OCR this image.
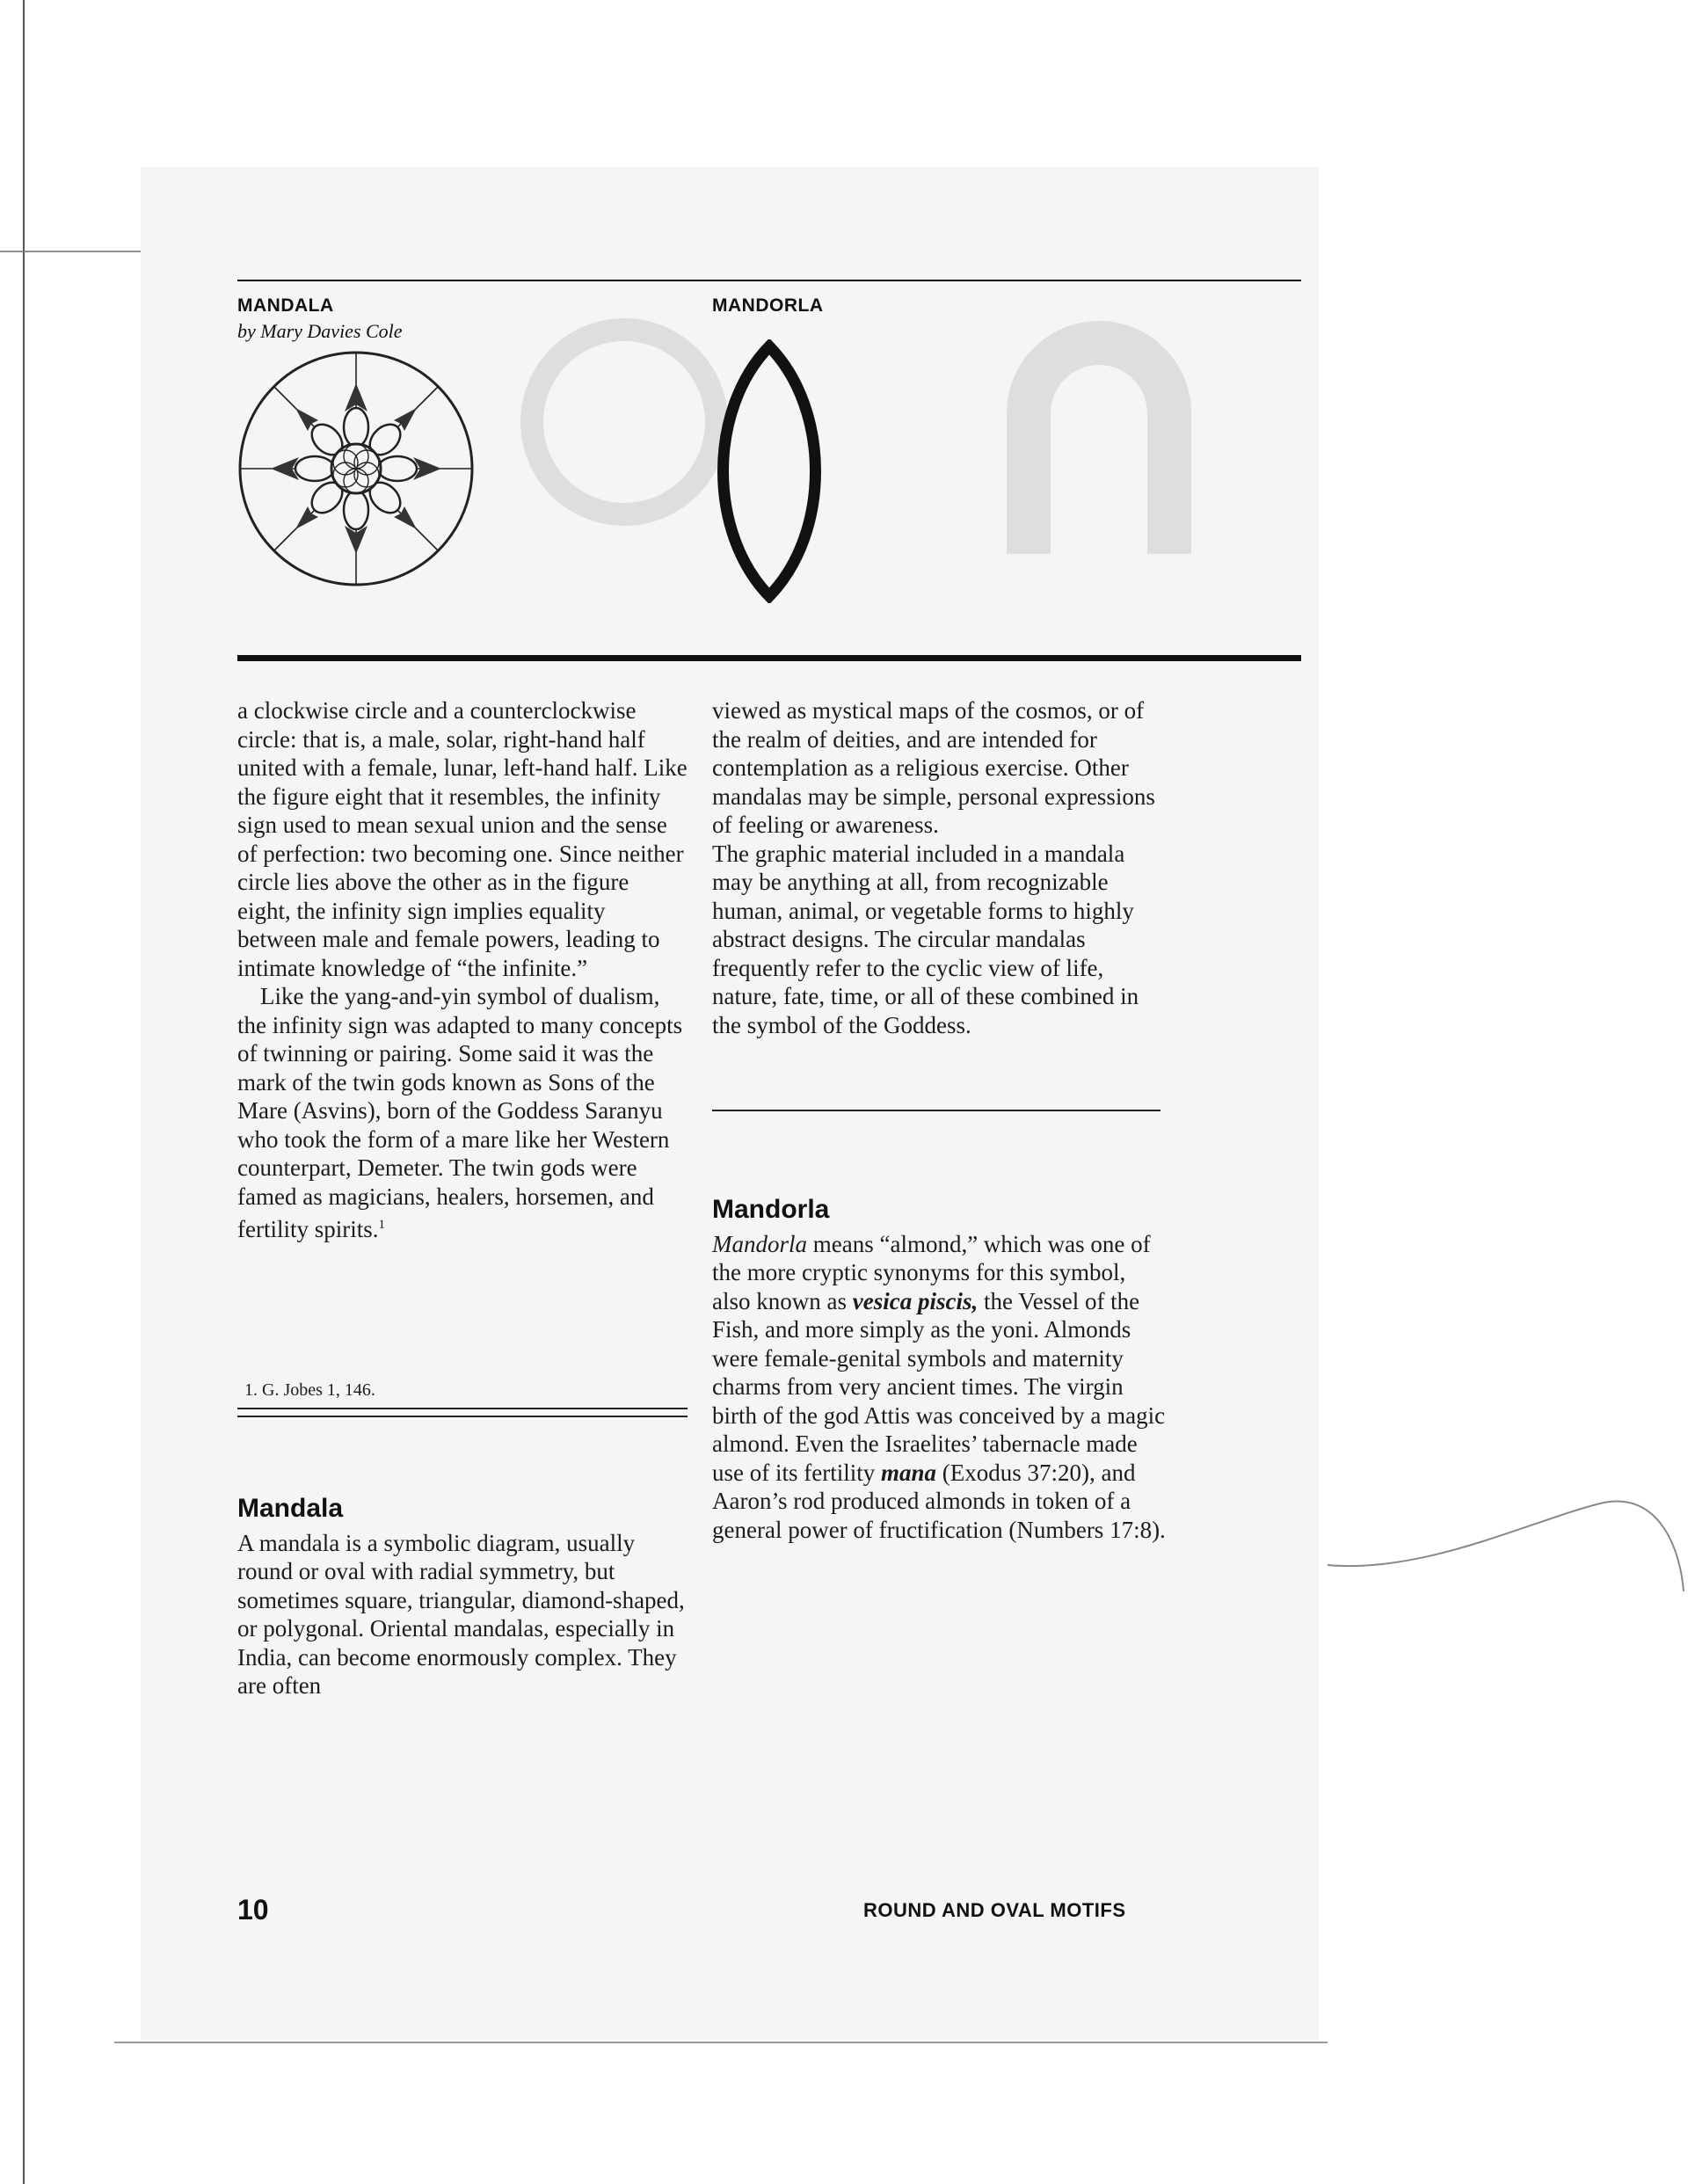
MANDALA
by Mary Davies Cole
MANDORLA

a clockwise circle and a counterclockwise circle: that is, a male, solar, right-hand half united with a female, lunar, left-hand half. Like the figure eight that it resembles, the infinity sign used to mean sexual union and the sense of perfection: two becoming one. Since neither circle lies above the other as in the figure eight, the infinity sign implies equality between male and female powers, leading to intimate knowledge of “the infinite.”

Like the yang-and-yin symbol of dualism, the infinity sign was adapted to many concepts of twinning or pairing. Some said it was the mark of the twin gods known as Sons of the Mare (Asvins), born of the Goddess Saranyu who took the form of a mare like her Western counterpart, Demeter. The twin gods were famed as magicians, healers, horsemen, and fertility spirits.$^1$

1. G. Jobes 1, 146.
Mandala

A mandala is a symbolic diagram, usually round or oval with radial symmetry, but sometimes square, triangular, diamond-shaped, or polygonal. Oriental mandalas, especially in India, can become enormously complex. They are often

viewed as mystical maps of the cosmos, or of the realm of deities, and are intended for contemplation as a religious exercise. Other mandalas may be simple, personal expressions of feeling or awareness.

The graphic material included in a mandala may be anything at all, from recognizable human, animal, or vegetable forms to highly abstract designs. The circular mandalas frequently refer to the cyclic view of life, nature, fate, time, or all of these combined in the symbol of the Goddess.

Mandorla

Mandorla means “almond,” which was one of the more cryptic synonyms for this symbol, also known as vesica piscis, the Vessel of the Fish, and more simply as the yoni. Almonds were female-genital symbols and maternity charms from very ancient times. The virgin birth of the god Attis was conceived by a magic almond. Even the Israelites’ tabernacle made use of its fertility mana (Exodus 37:20), and Aaron’s rod produced almonds in token of a general power of fructification (Numbers 17:8).

10	ROUND AND OVAL MOTIFS
